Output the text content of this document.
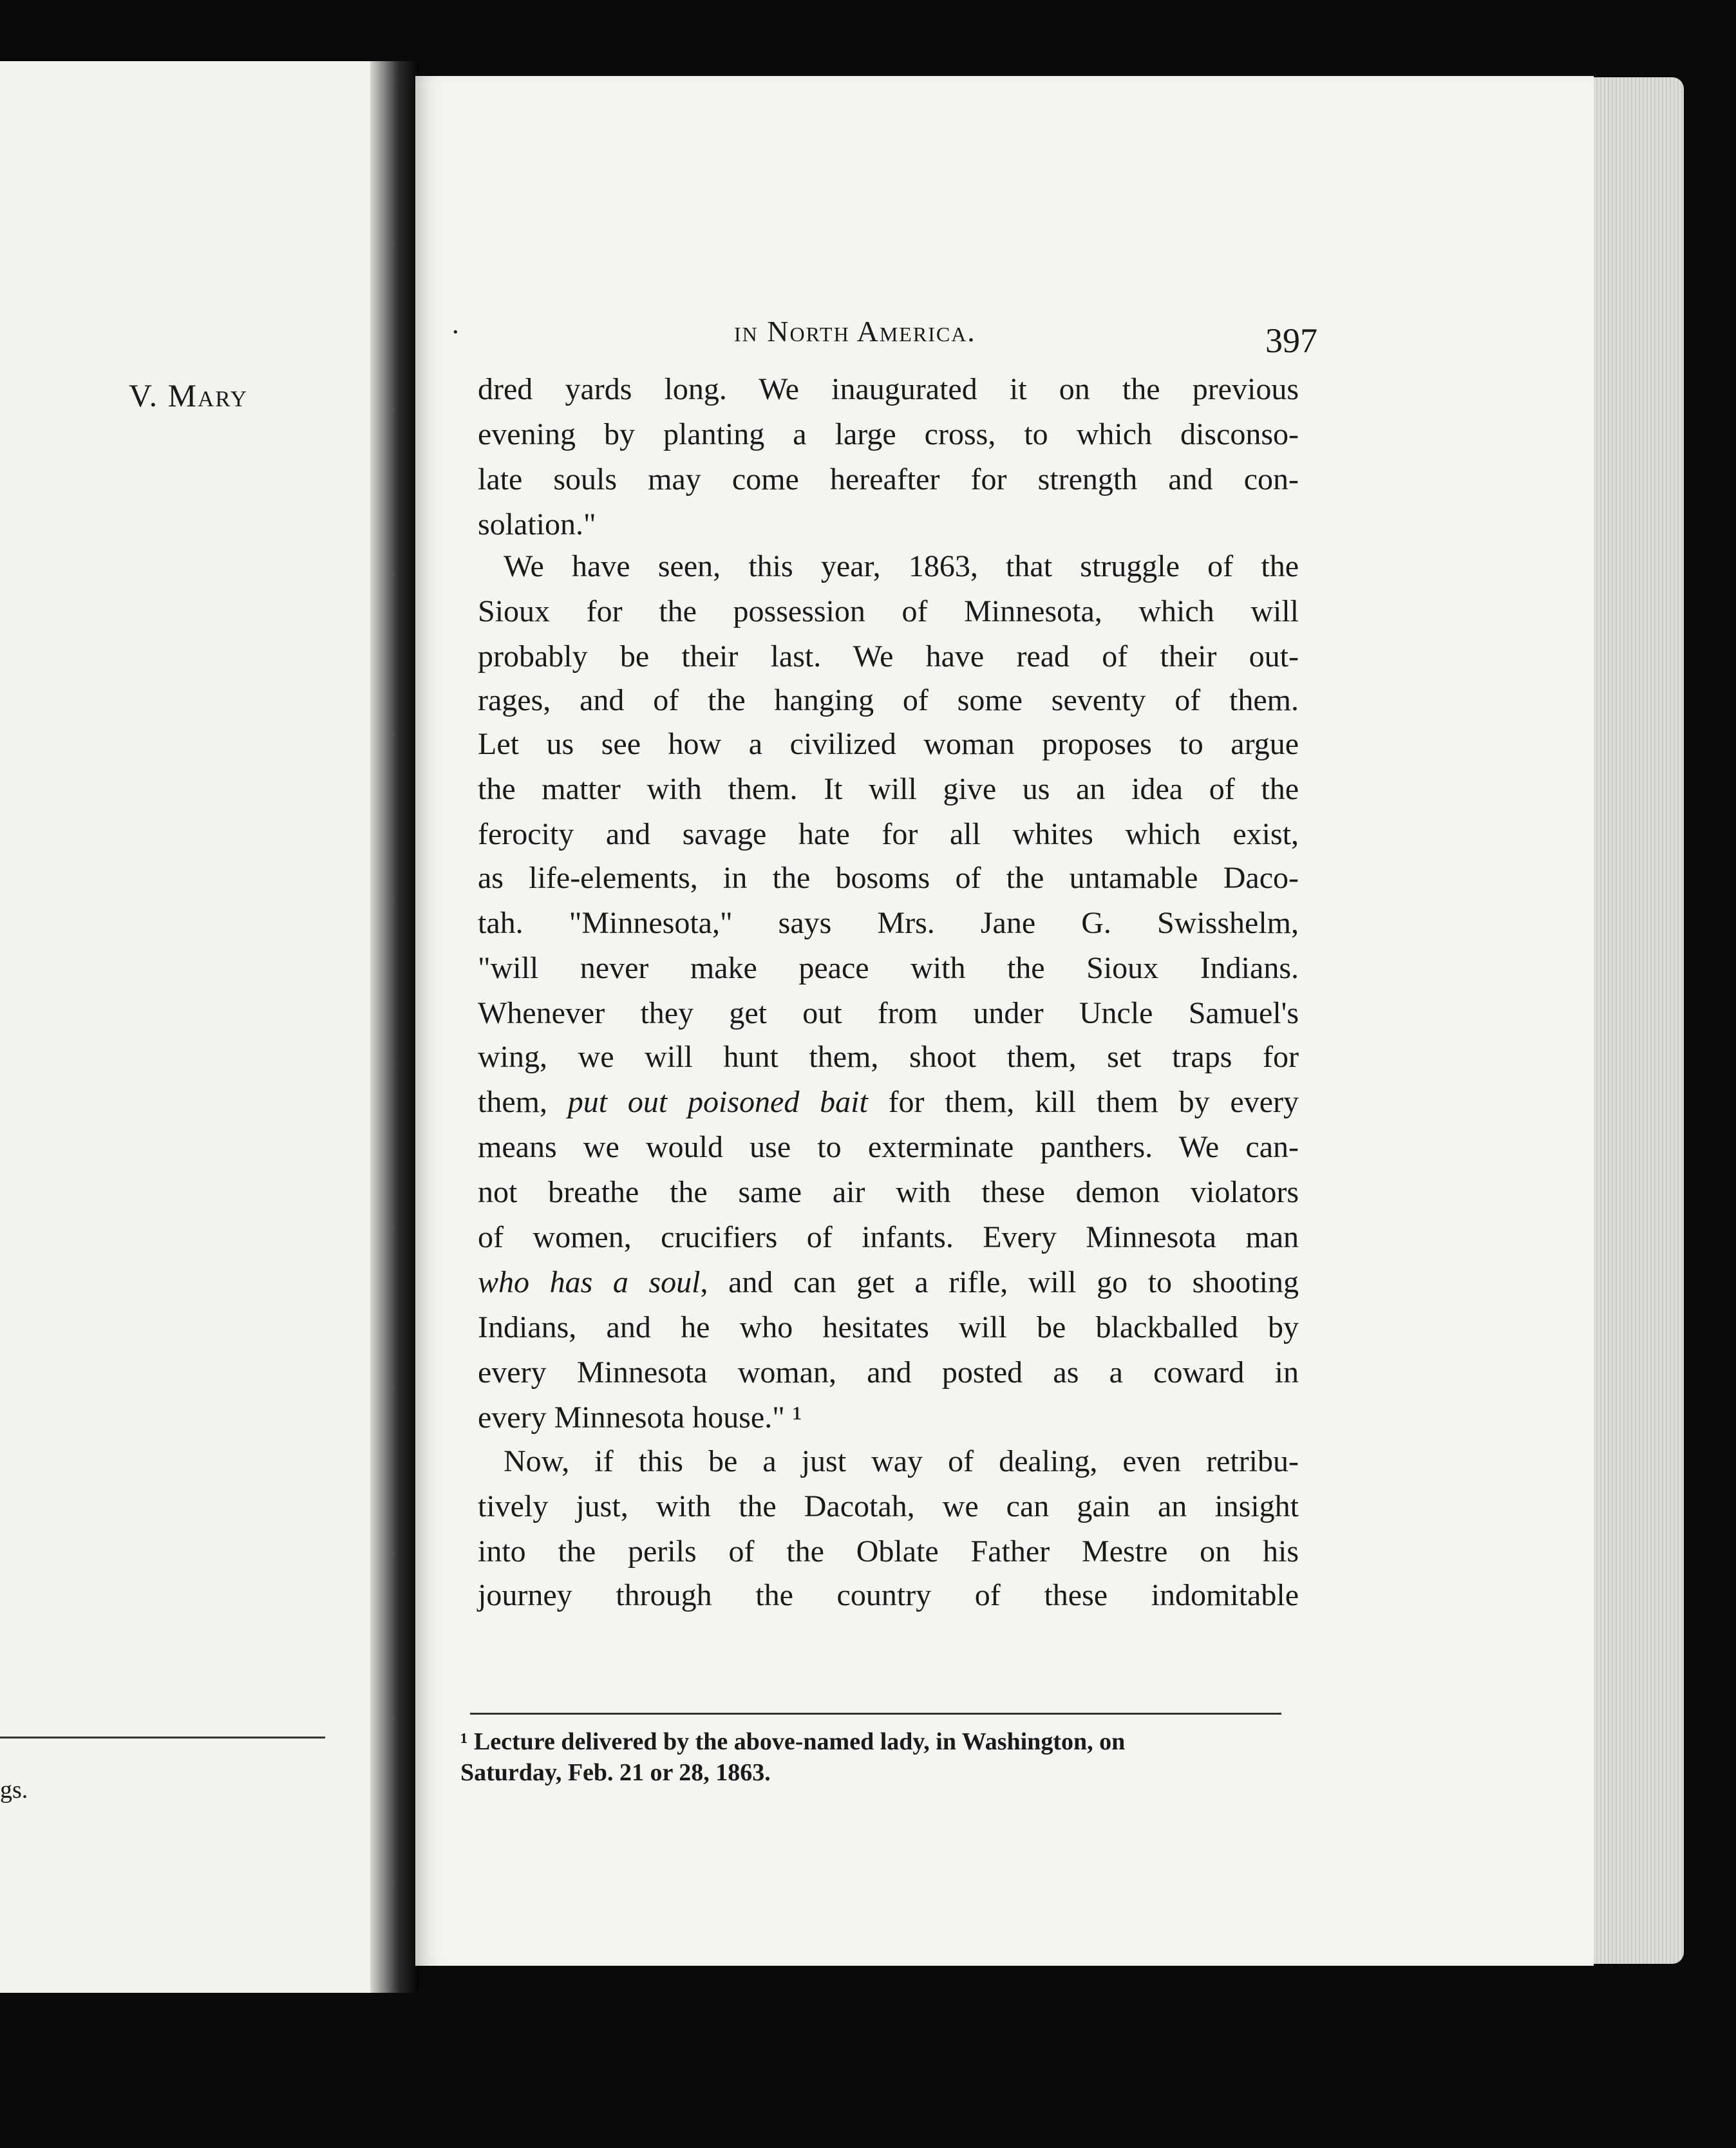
V. Mary
·	in North America.	397
dred yards long. We inaugurated it on the previous
evening by planting a large cross, to which disconso-
late souls may come hereafter for strength and con-
solation."
We have seen, this year, 1863, that struggle of the
Sioux for the possession of Minnesota, which will
probably be their last. We have read of their out-
rages, and of the hanging of some seventy of them.
Let us see how a civilized woman proposes to argue
the matter with them. It will give us an idea of the
ferocity and savage hate for all whites which exist,
as life-elements, in the bosoms of the untamable Daco-
tah. "Minnesota," says Mrs. Jane G. Swisshelm,
"will never make peace with the Sioux Indians.
Whenever they get out from under Uncle Samuel's
wing, we will hunt them, shoot them, set traps for
them, put out poisoned bait for them, kill them by every
means we would use to exterminate panthers. We can-
not breathe the same air with these demon violators
of women, crucifiers of infants. Every Minnesota man
who has a soul, and can get a rifle, will go to shooting
Indians, and he who hesitates will be blackballed by
every Minnesota woman, and posted as a coward in
every Minnesota house." ¹
Now, if this be a just way of dealing, even retribu-
tively just, with the Dacotah, we can gain an insight
into the perils of the Oblate Father Mestre on his
journey through the country of these indomitable
¹ Lecture delivered by the above-named lady, in Washington, on
Saturday, Feb. 21 or 28, 1863.
gs.
